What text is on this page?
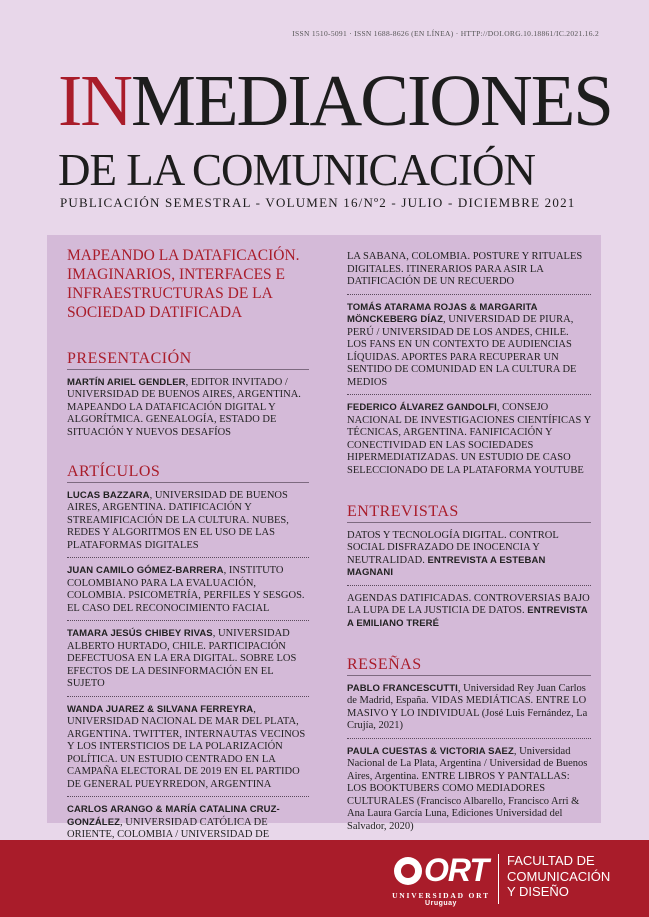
ISSN 1510-5091 · ISSN 1688-8626 (EN LÍNEA) · HTTP://DOI.ORG.10.18861/IC.2021.16.2
INMEDIACIONES
DE LA COMUNICACIÓN
PUBLICACIÓN SEMESTRAL - VOLUMEN 16/Nº2 - JULIO - DICIEMBRE 2021
MAPEANDO LA DATAFICACIÓN. IMAGINARIOS, INTERFACES E INFRAESTRUCTURAS DE LA SOCIEDAD DATIFICADA
PRESENTACIÓN
MARTÍN ARIEL GENDLER, EDITOR INVITADO / UNIVERSIDAD DE BUENOS AIRES, ARGENTINA. MAPEANDO LA DATAFICACIÓN DIGITAL Y ALGORÍTMICA. GENEALOGÍA, ESTADO DE SITUACIÓN Y NUEVOS DESAFÍOS
ARTÍCULOS
LUCAS BAZZARA, UNIVERSIDAD DE BUENOS AIRES, ARGENTINA. DATIFICACIÓN Y STREAMIFICACIÓN DE LA CULTURA. NUBES, REDES Y ALGORITMOS EN EL USO DE LAS PLATAFORMAS DIGITALES
JUAN CAMILO GÓMEZ-BARRERA, INSTITUTO COLOMBIANO PARA LA EVALUACIÓN, COLOMBIA. PSICOMETRÍA, PERFILES Y SESGOS. EL CASO DEL RECONOCIMIENTO FACIAL
TAMARA JESÚS CHIBEY RIVAS, UNIVERSIDAD ALBERTO HURTADO, CHILE. PARTICIPACIÓN DEFECTUOSA EN LA ERA DIGITAL. SOBRE LOS EFECTOS DE LA DESINFORMACIÓN EN EL SUJETO
WANDA JUAREZ & SILVANA FERREYRA, UNIVERSIDAD NACIONAL DE MAR DEL PLATA, ARGENTINA. TWITTER, INTERNAUTAS VECINOS Y LOS INTERSTICIOS DE LA POLARIZACIÓN POLÍTICA. UN ESTUDIO CENTRADO EN LA CAMPAÑA ELECTORAL DE 2019 EN EL PARTIDO DE GENERAL PUEYRREDON, ARGENTINA
CARLOS ARANGO & MARÍA CATALINA CRUZ-GONZÁLEZ, UNIVERSIDAD CATÓLICA DE ORIENTE, COLOMBIA / UNIVERSIDAD DE
LA SABANA, COLOMBIA. POSTURE Y RITUALES DIGITALES. ITINERARIOS PARA ASIR LA DATIFICACIÓN DE UN RECUERDO
TOMÁS ATARAMA ROJAS & MARGARITA MÖNCKEBERG DÍAZ, UNIVERSIDAD DE PIURA, PERÚ / UNIVERSIDAD DE LOS ANDES, CHILE. LOS FANS EN UN CONTEXTO DE AUDIENCIAS LÍQUIDAS. APORTES PARA RECUPERAR UN SENTIDO DE COMUNIDAD EN LA CULTURA DE MEDIOS
FEDERICO ÁLVAREZ GANDOLFI, CONSEJO NACIONAL DE INVESTIGACIONES CIENTÍFICAS Y TÉCNICAS, ARGENTINA. FANIFICACIÓN Y CONECTIVIDAD EN LAS SOCIEDADES HIPERMEDIATIZADAS. UN ESTUDIO DE CASO SELECCIONADO DE LA PLATAFORMA YOUTUBE
ENTREVISTAS
DATOS Y TECNOLOGÍA DIGITAL. CONTROL SOCIAL DISFRAZADO DE INOCENCIA Y NEUTRALIDAD. ENTREVISTA A ESTEBAN MAGNANI
AGENDAS DATIFICADAS. CONTROVERSIAS BAJO LA LUPA DE LA JUSTICIA DE DATOS. ENTREVISTA A EMILIANO TRERÉ
RESEÑAS
PABLO FRANCESCUTTI, Universidad Rey Juan Carlos de Madrid, España. VIDAS MEDIÁTICAS. ENTRE LO MASIVO Y LO INDIVIDUAL (José Luis Fernández, La Crujía, 2021)
PAULA CUESTAS & VICTORIA SAEZ, Universidad Nacional de La Plata, Argentina / Universidad de Buenos Aires, Argentina. ENTRE LIBROS Y PANTALLAS: LOS BOOKTUBERS COMO MEDIADORES CULTURALES (Francisco Albarello, Francisco Arri & Ana Laura García Luna, Ediciones Universidad del Salvador, 2020)
ORT
UNIVERSIDAD ORT
Uruguay
FACULTAD DE
COMUNICACIÓN
Y DISEÑO
